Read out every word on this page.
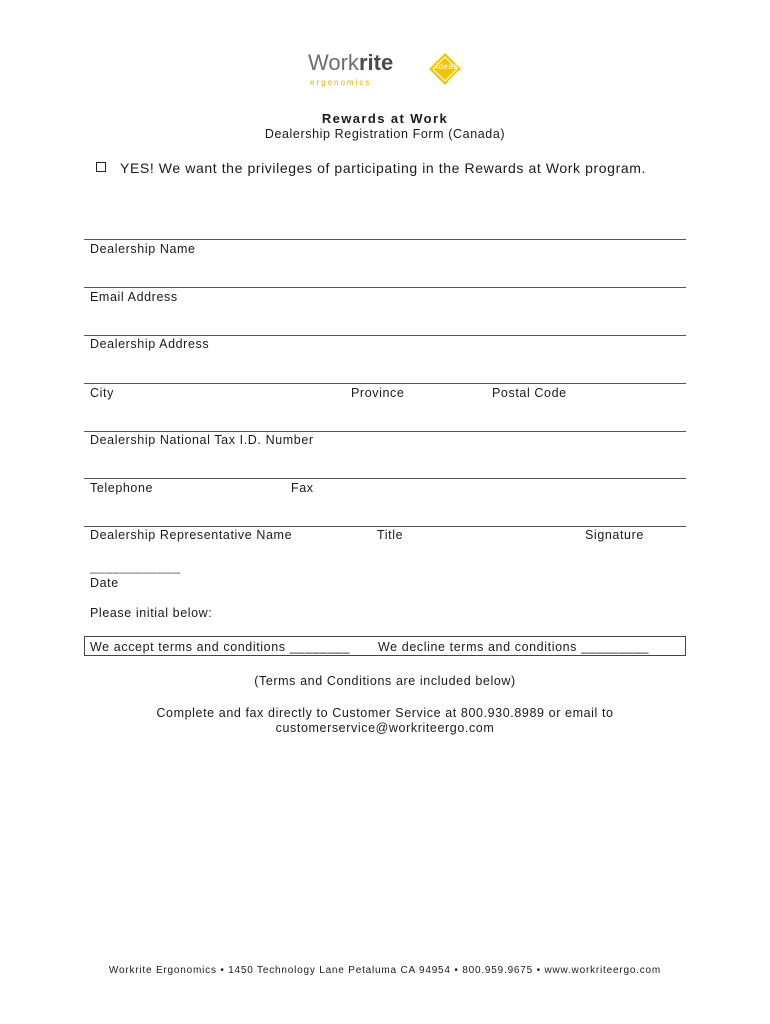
Workrite
ergonomics
ideas
Rewards at Work
Dealership Registration Form (Canada)
YES! We want the privileges of participating in the Rewards at Work program.
Dealership Name
Email Address
Dealership Address
City	Province	Postal Code
Dealership National Tax I.D. Number
Telephone	Fax
Dealership Representative Name	Title	Signature
____________
Date
Please initial below:
We accept terms and conditions ________ We decline terms and conditions _________
(Terms and Conditions are included below)
Complete and fax directly to Customer Service at 800.930.8989 or email to
customerservice@workriteergo.com
Workrite Ergonomics • 1450 Technology Lane Petaluma CA 94954 • 800.959.9675 • www.workriteergo.com
